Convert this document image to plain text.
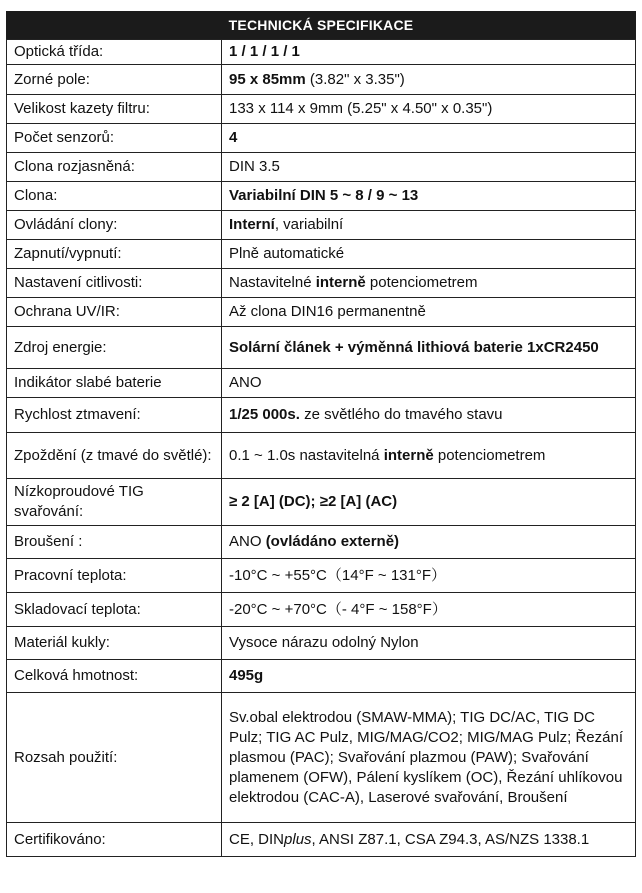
TECHNICKÁ SPECIFIKACE
Optická třída:	1 / 1 / 1 / 1
Zorné pole:	95 x 85mm (3.82" x 3.35")
Velikost kazety filtru:	133 x 114 x 9mm (5.25" x 4.50" x 0.35")
Počet senzorů:	4
Clona rozjasněná:	DIN 3.5
Clona:	Variabilní DIN 5 ~ 8 / 9 ~ 13
Ovládání clony:	Interní, variabilní
Zapnutí/vypnutí:	Plně automatické
Nastavení citlivosti:	Nastavitelné interně potenciometrem
Ochrana UV/IR:	Až clona DIN16 permanentně
Zdroj energie:	Solární článek + výměnná lithiová baterie 1xCR2450
Indikátor slabé baterie	ANO
Rychlost ztmavení:	1/25 000s. ze světlého do tmavého stavu
Zpoždění (z tmavé do světlé):	0.1 ~ 1.0s nastavitelná interně potenciometrem
Nízkoproudové TIG svařování:	≥ 2 [A] (DC); ≥2 [A] (AC)
Broušení :	ANO (ovládáno externě)
Pracovní teplota:	-10°C ~ +55°C（14°F ~ 131°F）
Skladovací teplota:	-20°C ~ +70°C（- 4°F ~ 158°F）
Materiál kukly:	Vysoce nárazu odolný Nylon
Celková hmotnost:	495g
Rozsah použití:	Sv.obal elektrodou (SMAW-MMA); TIG DC/AC, TIG DC Pulz; TIG AC Pulz, MIG/MAG/CO2; MIG/MAG Pulz; Řezání plasmou (PAC); Svařování plazmou (PAW); Svařování plamenem (OFW), Pálení kyslíkem (OC), Řezání uhlíkovou elektrodou (CAC-A), Laserové svařování, Broušení
Certifikováno:	CE, DINplus, ANSI Z87.1, CSA Z94.3, AS/NZS 1338.1
